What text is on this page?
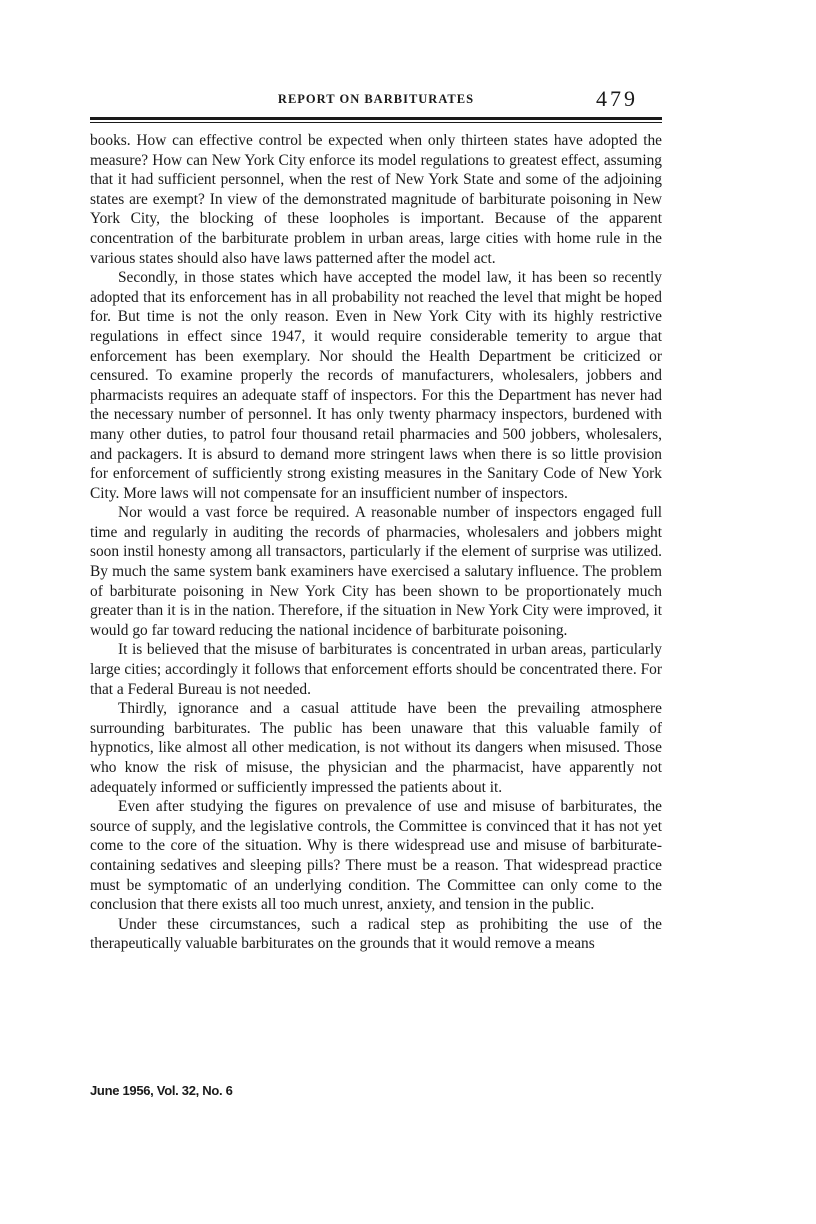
REPORT ON BARBITURATES	479

books. How can effective control be expected when only thirteen states have adopted the measure? How can New York City enforce its model regulations to greatest effect, assuming that it had sufficient personnel, when the rest of New York State and some of the adjoining states are exempt? In view of the demonstrated magnitude of barbiturate poisoning in New York City, the blocking of these loopholes is important. Because of the apparent concentration of the barbiturate problem in urban areas, large cities with home rule in the various states should also have laws patterned after the model act.

Secondly, in those states which have accepted the model law, it has been so recently adopted that its enforcement has in all probability not reached the level that might be hoped for. But time is not the only reason. Even in New York City with its highly restrictive regulations in effect since 1947, it would require considerable temerity to argue that enforcement has been exemplary. Nor should the Health Department be criticized or censured. To examine properly the records of manufacturers, wholesalers, jobbers and pharmacists requires an adequate staff of inspectors. For this the Department has never had the necessary number of personnel. It has only twenty pharmacy inspectors, burdened with many other duties, to patrol four thousand retail pharmacies and 500 jobbers, wholesalers, and packagers. It is absurd to demand more stringent laws when there is so little provision for enforcement of sufficiently strong existing measures in the Sanitary Code of New York City. More laws will not compensate for an insufficient number of inspectors.

Nor would a vast force be required. A reasonable number of inspectors engaged full time and regularly in auditing the records of pharmacies, wholesalers and jobbers might soon instil honesty among all transactors, particularly if the element of surprise was utilized. By much the same system bank examiners have exercised a salutary influence. The problem of barbiturate poisoning in New York City has been shown to be proportionately much greater than it is in the nation. Therefore, if the situation in New York City were improved, it would go far toward reducing the national incidence of barbiturate poisoning.

It is believed that the misuse of barbiturates is concentrated in urban areas, particularly large cities; accordingly it follows that enforcement efforts should be concentrated there. For that a Federal Bureau is not needed.

Thirdly, ignorance and a casual attitude have been the prevailing atmosphere surrounding barbiturates. The public has been unaware that this valuable family of hypnotics, like almost all other medication, is not without its dangers when misused. Those who know the risk of misuse, the physician and the pharmacist, have apparently not adequately informed or sufficiently impressed the patients about it.

Even after studying the figures on prevalence of use and misuse of barbiturates, the source of supply, and the legislative controls, the Committee is convinced that it has not yet come to the core of the situation. Why is there widespread use and misuse of barbiturate-containing sedatives and sleeping pills? There must be a reason. That widespread practice must be symptomatic of an underlying condition. The Committee can only come to the conclusion that there exists all too much unrest, anxiety, and tension in the public.

Under these circumstances, such a radical step as prohibiting the use of the therapeutically valuable barbiturates on the grounds that it would remove a means

June 1956, Vol. 32, No. 6
